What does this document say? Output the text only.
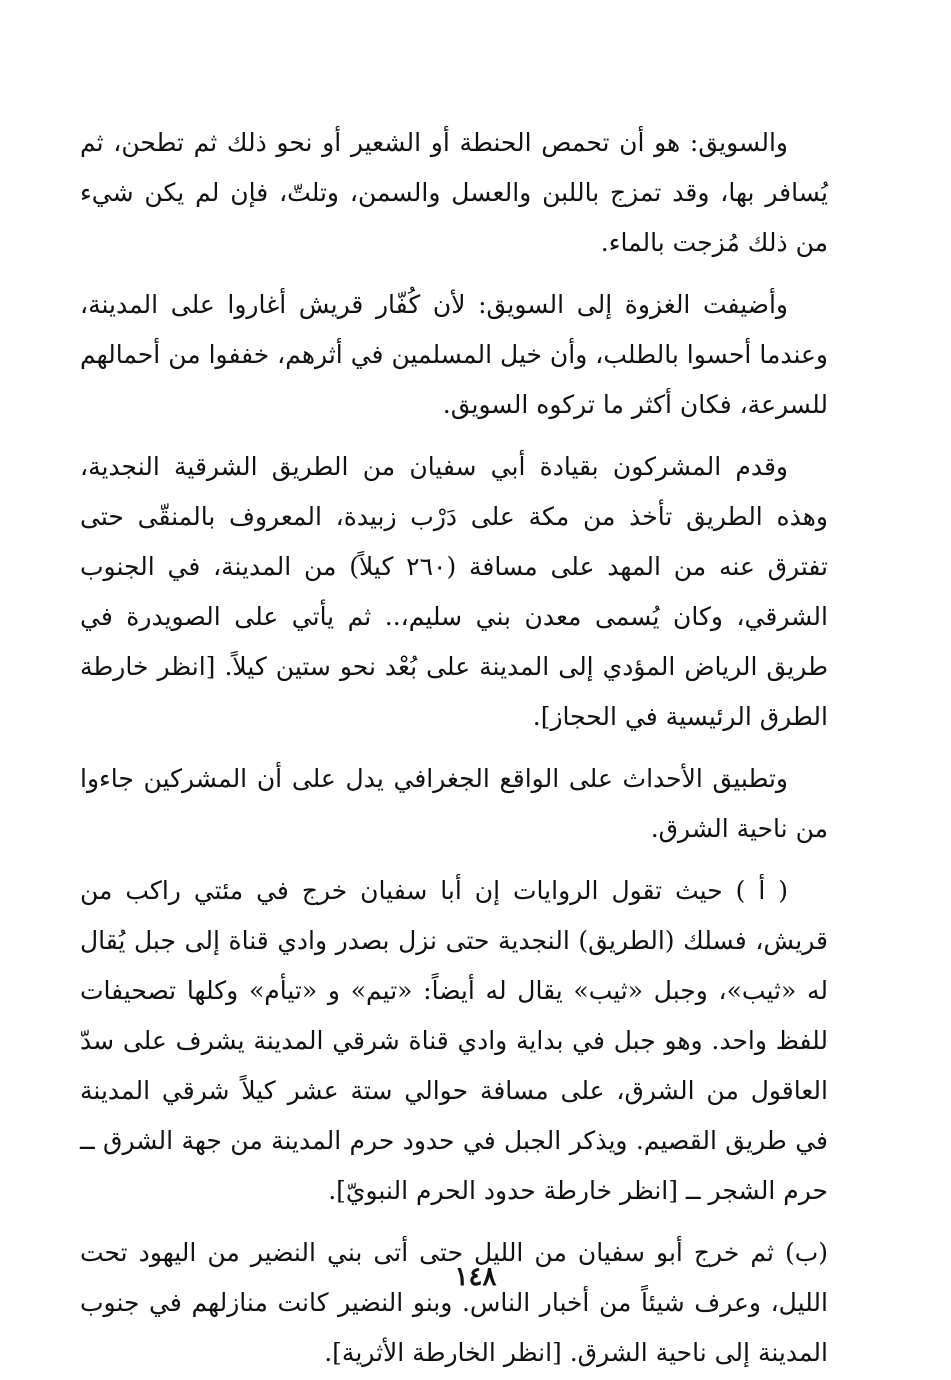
والسويق: هو أن تحمص الحنطة أو الشعير أو نحو ذلك ثم تطحن، ثم يُسافر بها، وقد تمزج باللبن والعسل والسمن، وتلتّ، فإن لم يكن شيء من ذلك مُزجت بالماء.

وأضيفت الغزوة إلى السويق: لأن كُفّار قريش أغاروا على المدينة، وعندما أحسوا بالطلب، وأن خيل المسلمين في أثرهم، خففوا من أحمالهم للسرعة، فكان أكثر ما تركوه السويق.

وقدم المشركون بقيادة أبي سفيان من الطريق الشرقية النجدية، وهذه الطريق تأخذ من مكة على دَرْب زبيدة، المعروف بالمنقّى حتى تفترق عنه من المهد على مسافة (٢٦٠ كيلاً) من المدينة، في الجنوب الشرقي، وكان يُسمى معدن بني سليم،.. ثم يأتي على الصويدرة في طريق الرياض المؤدي إلى المدينة على بُعْد نحو ستين كيلاً. [انظر خارطة الطرق الرئيسية في الحجاز].

وتطبيق الأحداث على الواقع الجغرافي يدل على أن المشركين جاءوا من ناحية الشرق.

( أ ) حيث تقول الروايات إن أبا سفيان خرج في مئتي راكب من قريش، فسلك (الطريق) النجدية حتى نزل بصدر وادي قناة إلى جبل يُقال له «ثيب»، وجبل «ثيب» يقال له أيضاً: «تيم» و «تيأم» وكلها تصحيفات للفظ واحد. وهو جبل في بداية وادي قناة شرقي المدينة يشرف على سدّ العاقول من الشرق، على مسافة حوالي ستة عشر كيلاً شرقي المدينة في طريق القصيم. ويذكر الجبل في حدود حرم المدينة من جهة الشرق ــ حرم الشجر ــ [انظر خارطة حدود الحرم النبويّ].

(ب) ثم خرج أبو سفيان من الليل حتى أتى بني النضير من اليهود تحت الليل، وعرف شيئاً من أخبار الناس. وبنو النضير كانت منازلهم في جنوب المدينة إلى ناحية الشرق. [انظر الخارطة الأثرية].

١٤٨
